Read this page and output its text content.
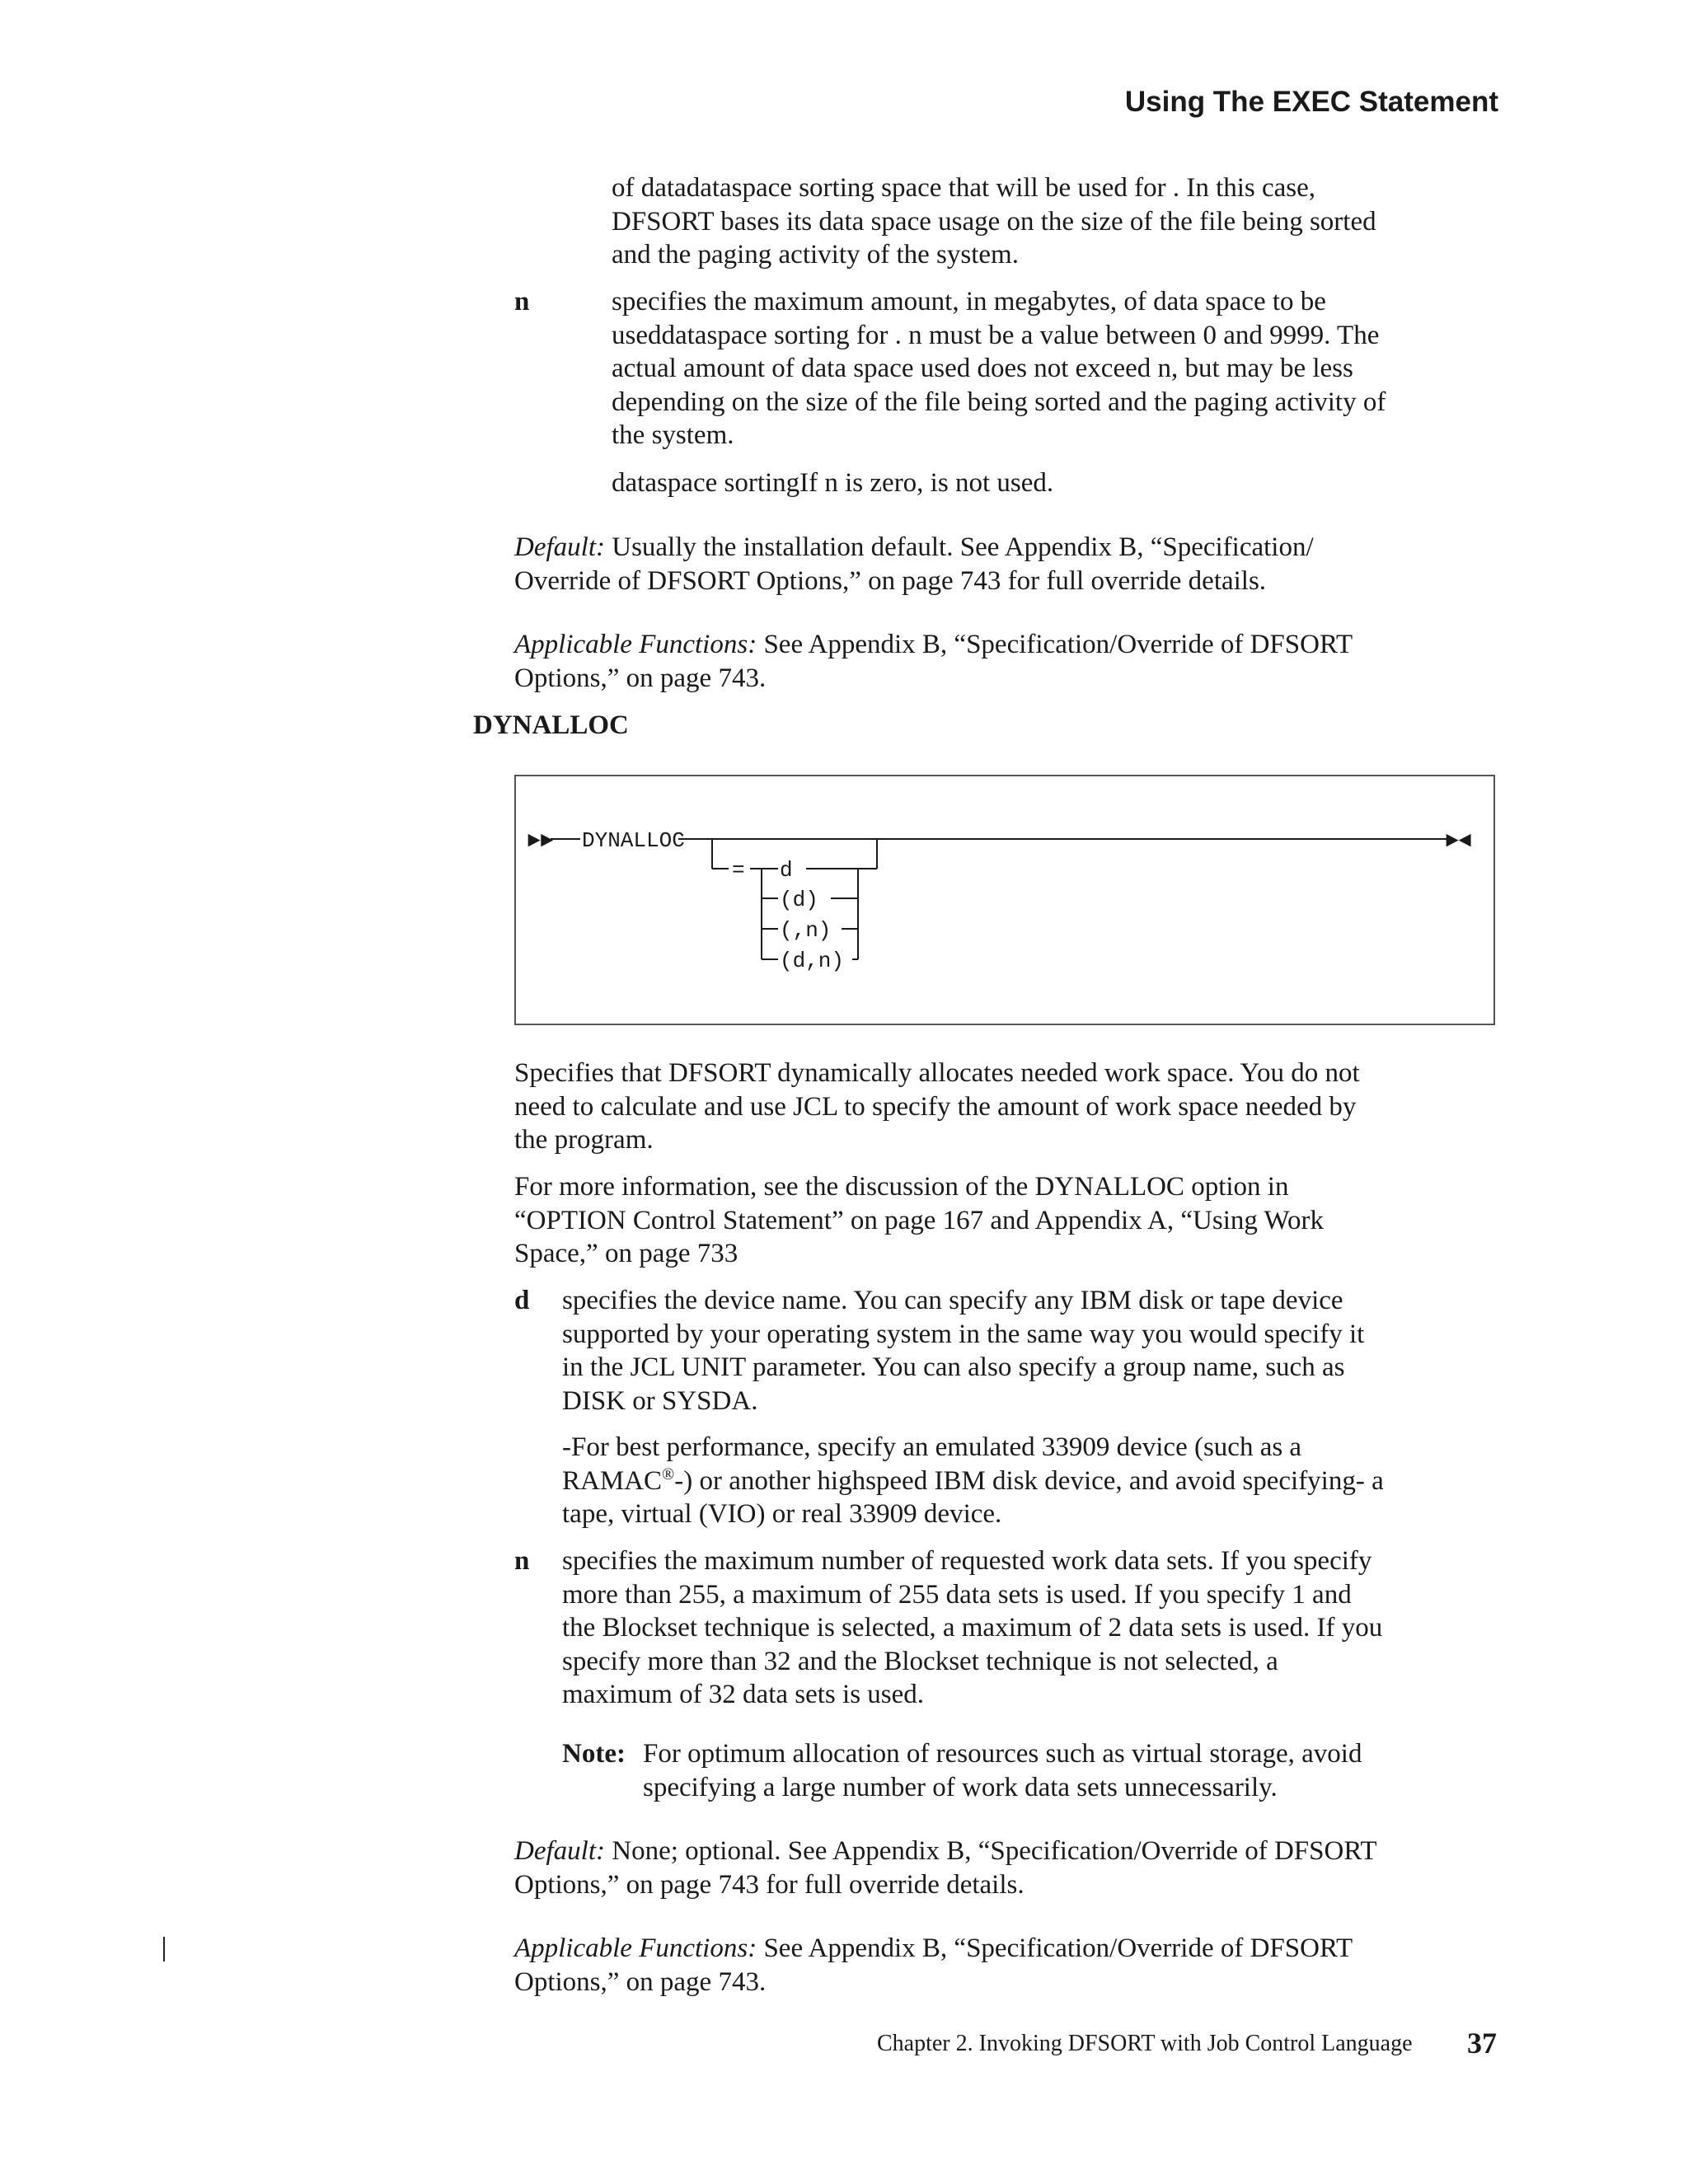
Using The EXEC Statement
of datadataspace sorting space that will be used for . In this case,
DFSORT bases its data space usage on the size of the file being sorted
and the paging activity of the system.
n	specifies the maximum amount, in megabytes, of data space to be
useddataspace sorting for . n must be a value between 0 and 9999. The
actual amount of data space used does not exceed n, but may be less
depending on the size of the file being sorted and the paging activity of
the system.
dataspace sortingIf n is zero, is not used.
Default: Usually the installation default. See Appendix B, “Specification/
Override of DFSORT Options,” on page 743 for full override details.
Applicable Functions: See Appendix B, “Specification/Override of DFSORT
Options,” on page 743.
DYNALLOC
►► DYNALLOC
= d
(d)
(,n)
(d,n)
►◄
Specifies that DFSORT dynamically allocates needed work space. You do not
need to calculate and use JCL to specify the amount of work space needed by
the program.
For more information, see the discussion of the DYNALLOC option in
“OPTION Control Statement” on page 167 and Appendix A, “Using Work
Space,” on page 733
d specifies the device name. You can specify any IBM disk or tape device
supported by your operating system in the same way you would specify it
in the JCL UNIT parameter. You can also specify a group name, such as
DISK or SYSDA.
-For best performance, specify an emulated 33909 device (such as a
RAMAC®-) or another highspeed IBM disk device, and avoid specifying- a
tape, virtual (VIO) or real 33909 device.
n specifies the maximum number of requested work data sets. If you specify
more than 255, a maximum of 255 data sets is used. If you specify 1 and
the Blockset technique is selected, a maximum of 2 data sets is used. If you
specify more than 32 and the Blockset technique is not selected, a
maximum of 32 data sets is used.
Note: For optimum allocation of resources such as virtual storage, avoid
specifying a large number of work data sets unnecessarily.
Default: None; optional. See Appendix B, “Specification/Override of DFSORT
Options,” on page 743 for full override details.
Applicable Functions: See Appendix B, “Specification/Override of DFSORT
Options,” on page 743.
Chapter 2. Invoking DFSORT with Job Control Language 37
